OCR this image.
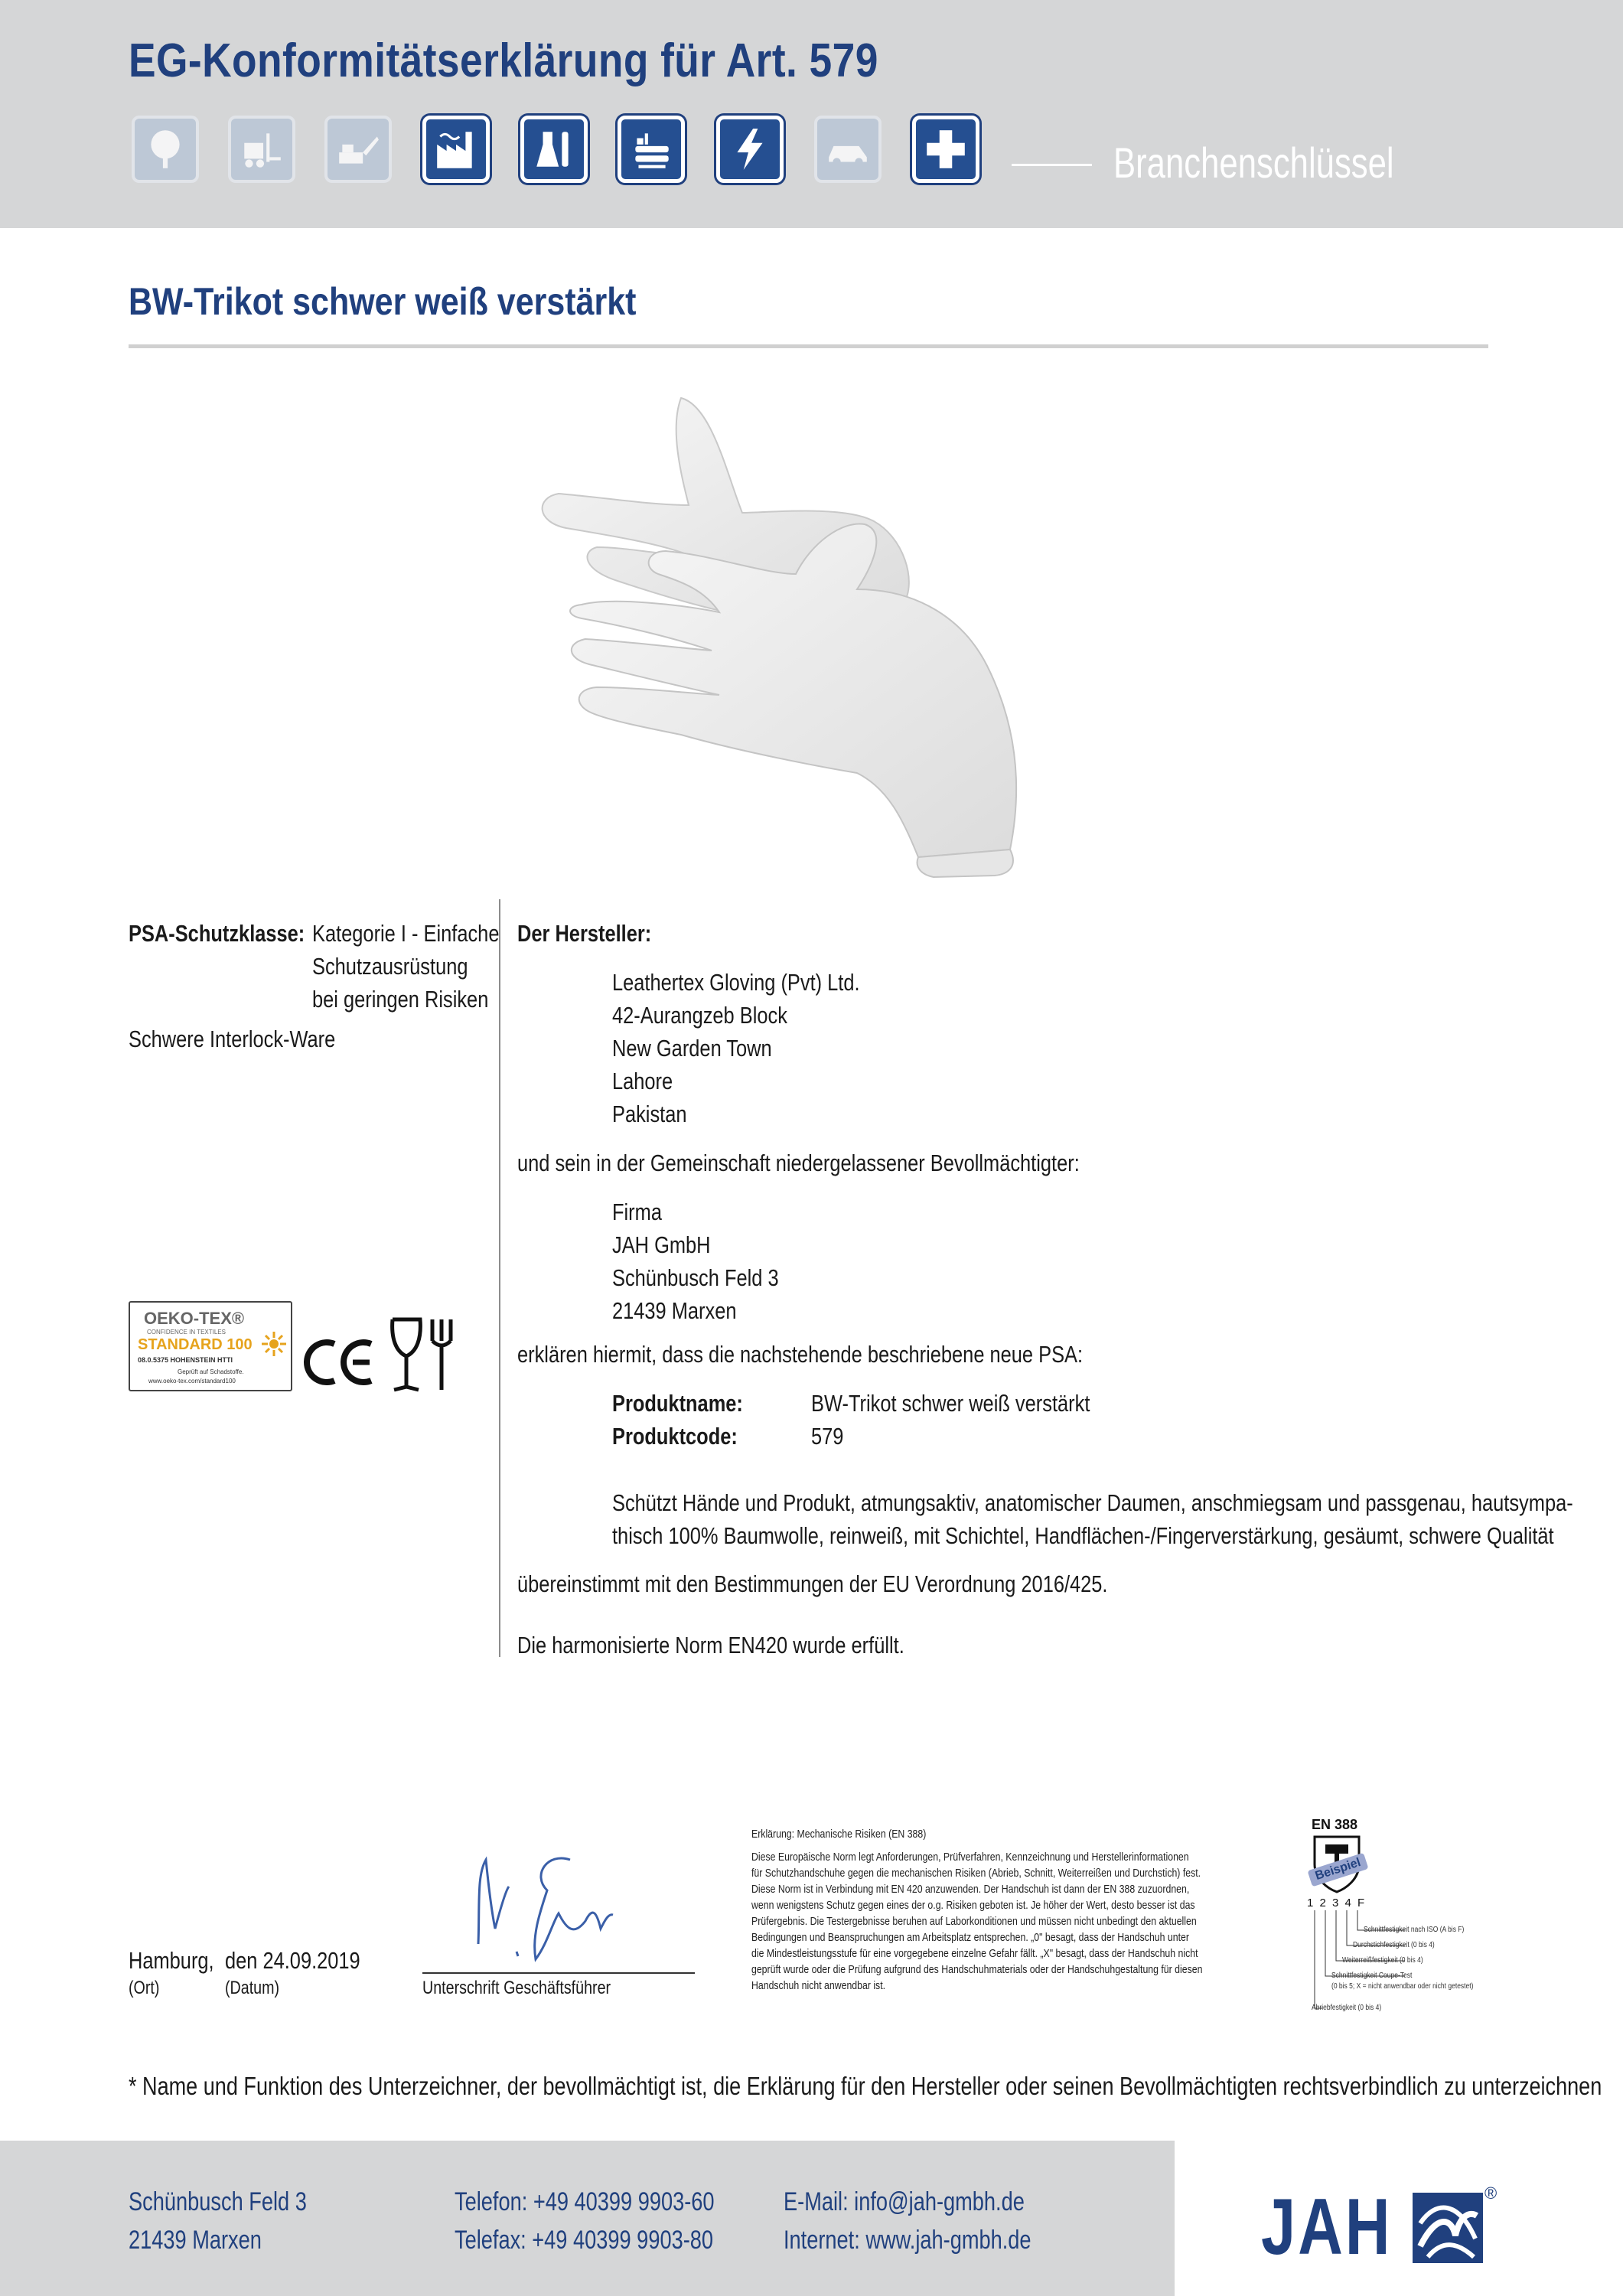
EG-Konformitätserklärung für Art. 579
Branchenschlüssel
BW-Trikot schwer weiß verstärkt
PSA-Schutzklasse: Kategorie I - Einfache
Schutzausrüstung
bei geringen Risiken
Schwere Interlock-Ware
OEKO-TEX®
CONFIDENCE IN TEXTILES
STANDARD 100
08.0.5375 HOHENSTEIN HTTI
Geprüft auf Schadstoffe.
www.oeko-tex.com/standard100
Der Hersteller:
Leathertex Gloving (Pvt) Ltd.
42-Aurangzeb Block
New Garden Town
Lahore
Pakistan
und sein in der Gemeinschaft niedergelassener Bevollmächtigter:
Firma
JAH GmbH
Schünbusch Feld 3
21439 Marxen
erklären hiermit, dass die nachstehende beschriebene neue PSA:
Produktname:	BW-Trikot schwer weiß verstärkt
Produktcode:	579
Schützt Hände und Produkt, atmungsaktiv, anatomischer Daumen, anschmiegsam und passgenau, hautsympa-
thisch 100% Baumwolle, reinweiß, mit Schichtel, Handflächen-/Fingerverstärkung, gesäumt, schwere Qualität
übereinstimmt mit den Bestimmungen der EU Verordnung 2016/425.
Die harmonisierte Norm EN420 wurde erfüllt.
Hamburg, den 24.09.2019
(Ort)	(Datum)	Unterschrift Geschäftsführer
Erklärung: Mechanische Risiken (EN 388)
Diese Europäische Norm legt Anforderungen, Prüfverfahren, Kennzeichnung und Herstellerinformationen
für Schutzhandschuhe gegen die mechanischen Risiken (Abrieb, Schnitt, Weiterreißen und Durchstich) fest.
Diese Norm ist in Verbindung mit EN 420 anzuwenden. Der Handschuh ist dann der EN 388 zuzuordnen,
wenn wenigstens Schutz gegen eines der o.g. Risiken geboten ist. Je höher der Wert, desto besser ist das
Prüfergebnis. Die Testergebnisse beruhen auf Laborkonditionen und müssen nicht unbedingt den aktuellen
Bedingungen und Beanspruchungen am Arbeitsplatz entsprechen. „0" besagt, dass der Handschuh unter
die Mindestleistungsstufe für eine vorgegebene einzelne Gefahr fällt. „X" besagt, dass der Handschuh nicht
geprüft wurde oder die Prüfung aufgrund des Handschuhmaterials oder der Handschuhgestaltung für diesen
Handschuh nicht anwendbar ist.
EN 388
Beispiel
1 2 3 4 F
Schnittfestigkeit nach ISO (A bis F)
Durchstichfestigkeit (0 bis 4)
Weiterreißfestigkeit (0 bis 4)
Schnittfestigkeit Coupe-Test
(0 bis 5; X = nicht anwendbar oder nicht getestet)
Abriebfestigkeit (0 bis 4)
* Name und Funktion des Unterzeichner, der bevollmächtigt ist, die Erklärung für den Hersteller oder seinen Bevollmächtigten rechtsverbindlich zu unterzeichnen
Schünbusch Feld 3
21439 Marxen
Telefon: +49 40399 9903-60
Telefax: +49 40399 9903-80
E-Mail: info@jah-gmbh.de
Internet: www.jah-gmbh.de	JAH	®
